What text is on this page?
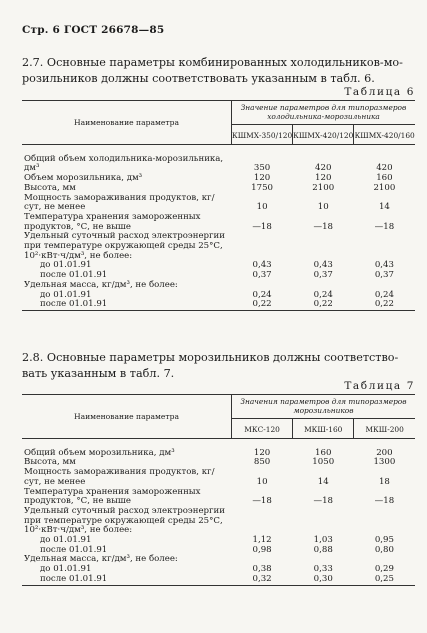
Стр. 6 ГОСТ 26678—85
2.7. Основные параметры комбинированных холодильников-мо-
розильников должны соответствовать указанным в табл. 6.
Таблица 6
Наименование параметра	Значение параметров для типоразмеров холодильника-морозильника		
	КШМХ-350/120	КШМХ-420/120	КШМХ-420/160
Общий объем холодильника-морозильника, дм³	350	420	420
Объем морозильника, дм³	120	120	160
Высота, мм	1750	2100	2100
Мощность замораживания продуктов, кг/сут, не менее	10	10	14
Температура хранения замороженных продуктов, °С, не выше	—18	—18	—18
Удельный суточный расход электроэнергии при температуре окружающей среды 25°С, 10²·кВт·ч/дм³, не более:			
до 01.01.91	0,43	0,43	0,43
после 01.01.91	0,37	0,37	0,37
Удельная масса, кг/дм³, не более:			
до 01.01.91	0,24	0,24	0,24
после 01.01.91	0,22	0,22	0,22
2.8. Основные параметры морозильников должны соответство-
вать указанным в табл. 7.
Таблица 7
Наименование параметра	Значения параметров для типоразмеров морозильников		
	МКС-120	МКШ-160	МКШ-200
Общий объем морозильника, дм³	120	160	200
Высота, мм	850	1050	1300
Мощность замораживания продуктов, кг/сут, не менее	10	14	18
Температура хранения замороженных продуктов, °С, не выше	—18	—18	—18
Удельный суточный расход электроэнергии при температуре окружающей среды 25°С, 10²·кВт·ч/дм³, не более:			
до 01.01.91	1,12	1,03	0,95
после 01.01.91	0,98	0,88	0,80
Удельная масса, кг/дм³, не более:			
до 01.01.91	0,38	0,33	0,29
после 01.01.91	0,32	0,30	0,25
